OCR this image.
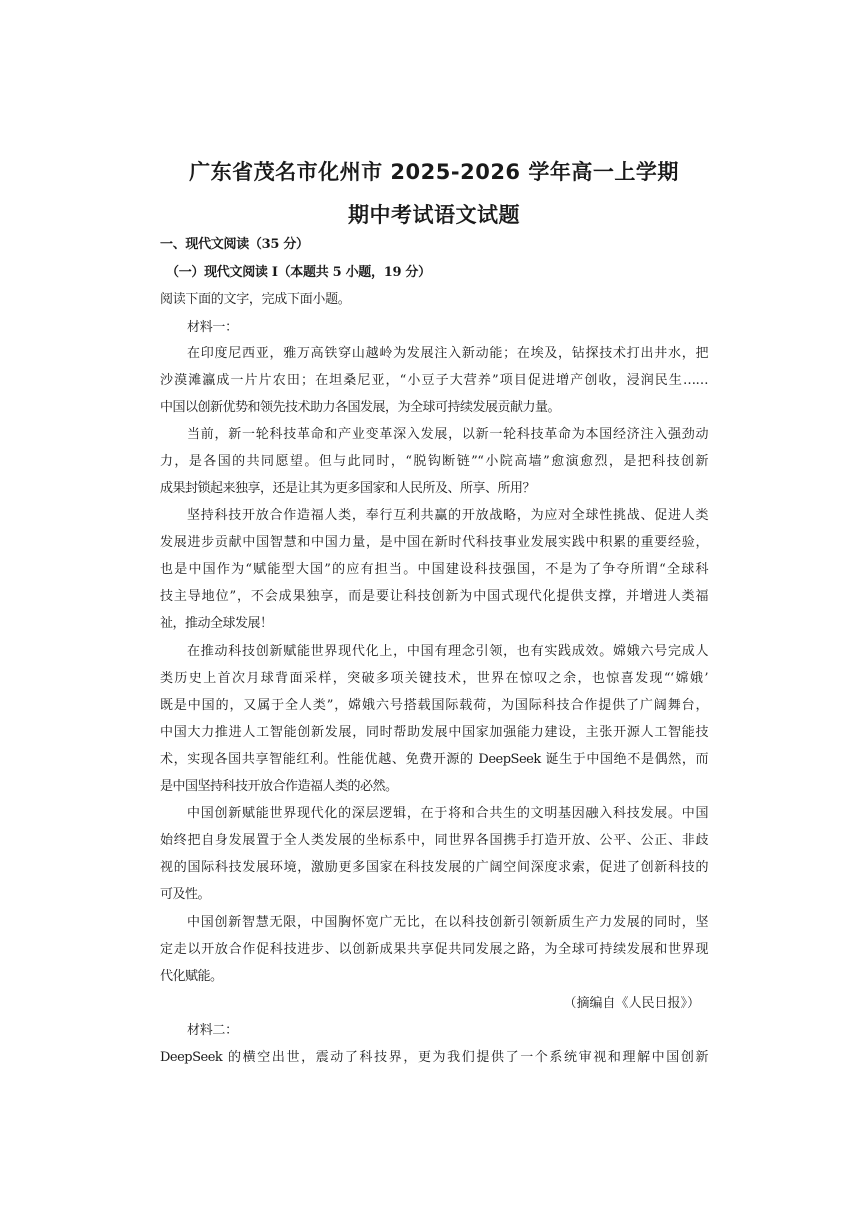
广东省茂名市化州市 2025-2026 学年高一上学期
期中考试语文试题
一、现代文阅读（35 分）
（一）现代文阅读 I（本题共 5 小题，19 分）
阅读下面的文字，完成下面小题。
材料一：
在印度尼西亚，雅万高铁穿山越岭为发展注入新动能；在埃及，钻探技术打出井水，把
沙漠滩瀛成一片片农田；在坦桑尼亚，“小豆子大营养”项目促进增产创收，浸润民生……
中国以创新优势和领先技术助力各国发展，为全球可持续发展贡献力量。
当前，新一轮科技革命和产业变革深入发展，以新一轮科技革命为本国经济注入强劲动
力，是各国的共同愿望。但与此同时，“脱钩断链”“小院高墙”愈演愈烈，是把科技创新
成果封锁起来独享，还是让其为更多国家和人民所及、所享、所用？
坚持科技开放合作造福人类，奉行互利共赢的开放战略，为应对全球性挑战、促进人类
发展进步贡献中国智慧和中国力量，是中国在新时代科技事业发展实践中积累的重要经验，
也是中国作为“赋能型大国”的应有担当。中国建设科技强国，不是为了争夺所谓“全球科
技主导地位”，不会成果独享，而是要让科技创新为中国式现代化提供支撑，并增进人类福
祉，推动全球发展！
在推动科技创新赋能世界现代化上，中国有理念引领，也有实践成效。嫦娥六号完成人
类历史上首次月球背面采样，突破多项关键技术，世界在惊叹之余，也惊喜发现“‘嫦娥’
既是中国的，又属于全人类”，嫦娥六号搭载国际载荷，为国际科技合作提供了广阔舞台，
中国大力推进人工智能创新发展，同时帮助发展中国家加强能力建设，主张开源人工智能技
术，实现各国共享智能红利。性能优越、免费开源的 DeepSeek 诞生于中国绝不是偶然，而
是中国坚持科技开放合作造福人类的必然。
中国创新赋能世界现代化的深层逻辑，在于将和合共生的文明基因融入科技发展。中国
始终把自身发展置于全人类发展的坐标系中，同世界各国携手打造开放、公平、公正、非歧
视的国际科技发展环境，激励更多国家在科技发展的广阔空间深度求索，促进了创新科技的
可及性。
中国创新智慧无限，中国胸怀宽广无比，在以科技创新引领新质生产力发展的同时，坚
定走以开放合作促科技进步、以创新成果共享促共同发展之路，为全球可持续发展和世界现
代化赋能。
（摘编自《人民日报》）
材料二：
DeepSeek 的横空出世，震动了科技界，更为我们提供了一个系统审视和理解中国创新
